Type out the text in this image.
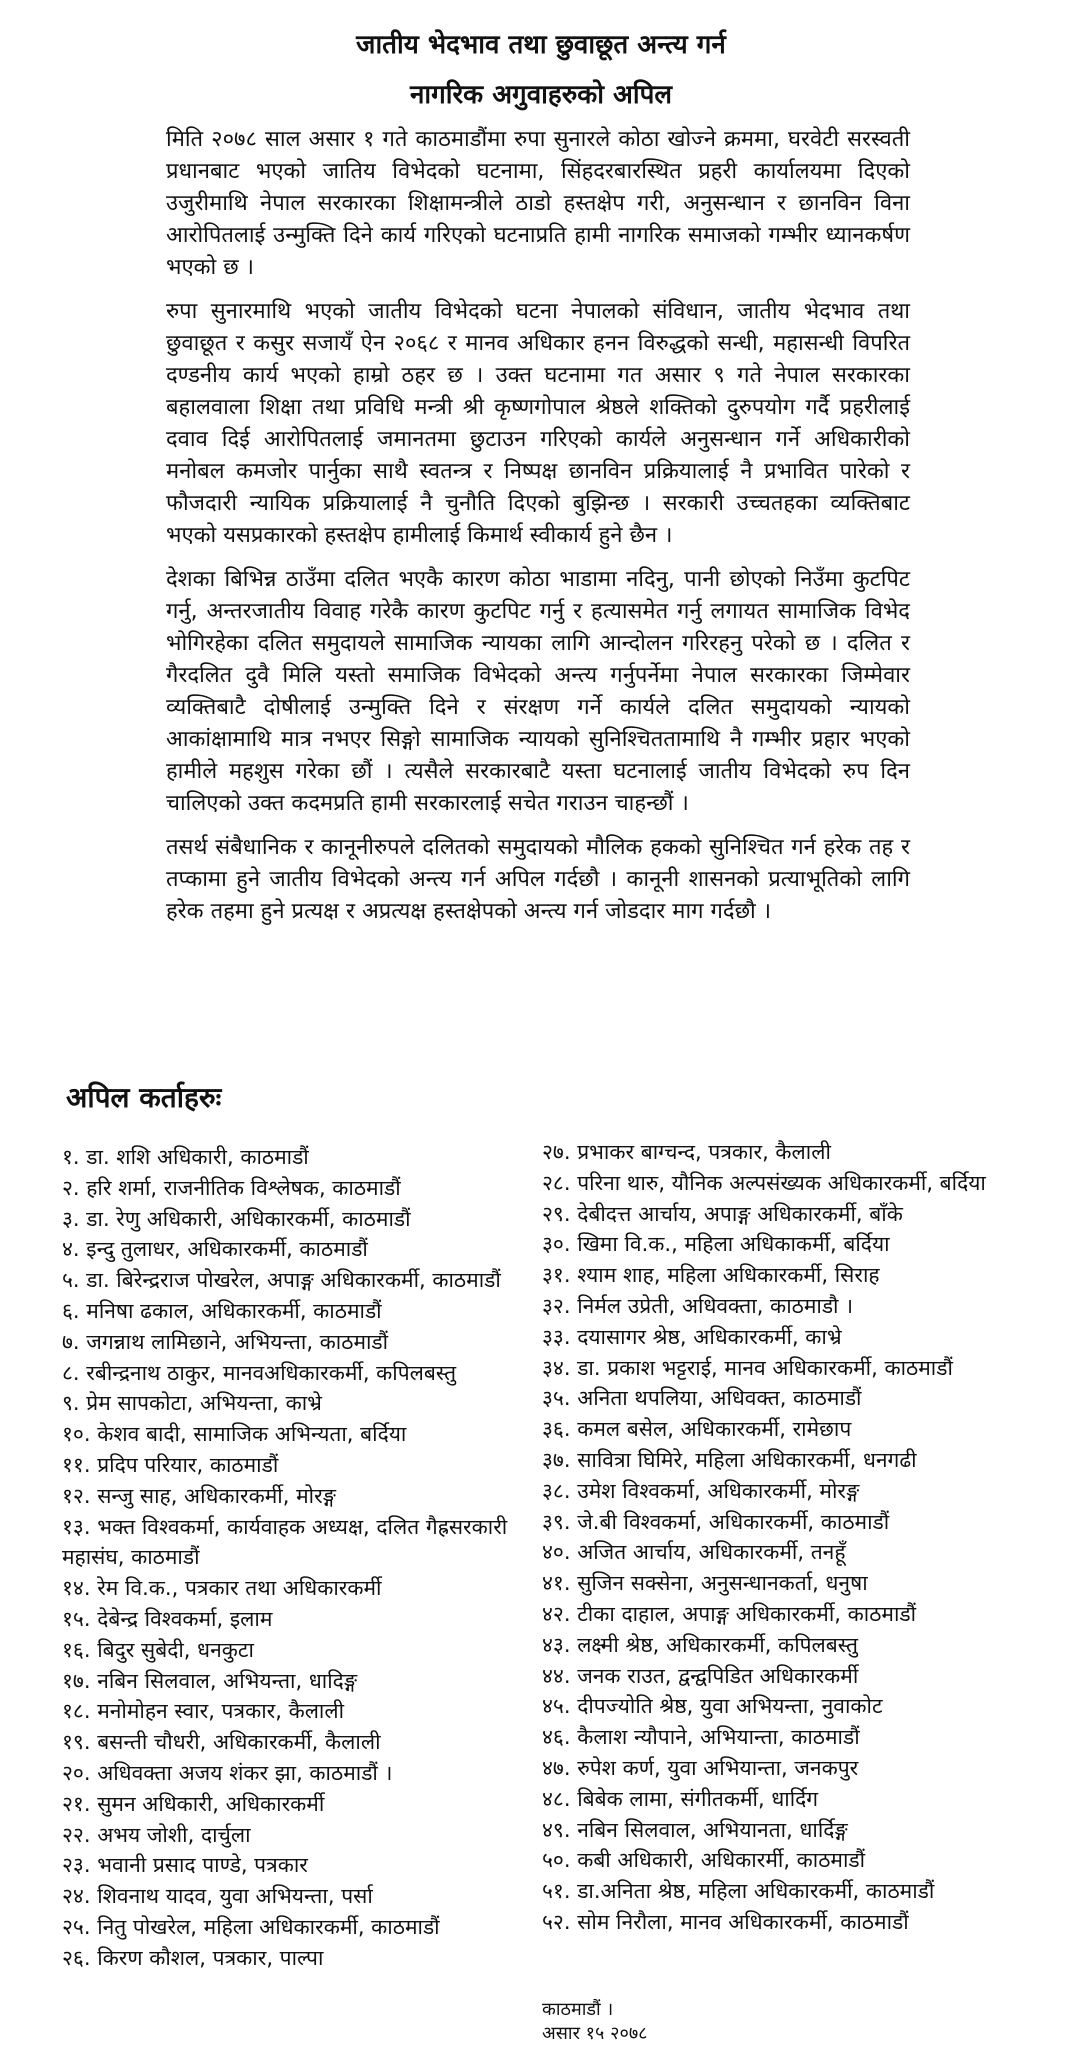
जातीय भेदभाव तथा छुवाछूत अन्त्य गर्न
नागरिक अगुवाहरुको अपिल

मिति २०७८ साल असार १ गते काठमाडौंमा रुपा सुनारले कोठा खोज्ने क्रममा, घरवेटी सरस्वती प्रधानबाट भएको जातिय विभेदको घटनामा, सिंहदरबारस्थित प्रहरी कार्यालयमा दिएको उजुरीमाथि नेपाल सरकारका शिक्षामन्त्रीले ठाडो हस्तक्षेप गरी, अनुसन्धान र छानविन विना आरोपितलाई उन्मुक्ति दिने कार्य गरिएको घटनाप्रति हामी नागरिक समाजको गम्भीर ध्यानकर्षण भएको छ ।

रुपा सुनारमाथि भएको जातीय विभेदको घटना नेपालको संविधान, जातीय भेदभाव तथा छुवाछूत र कसुर सजायँ ऐन २०६८ र मानव अधिकार हनन विरुद्धको सन्धी, महासन्धी विपरित दण्डनीय कार्य भएको हाम्रो ठहर छ । उक्त घटनामा गत असार ९ गते नेपाल सरकारका बहालवाला शिक्षा तथा प्रविधि मन्त्री श्री कृष्णगोपाल श्रेष्ठले शक्तिको दुरुपयोग गर्दै प्रहरीलाई दवाव दिई आरोपितलाई जमानतमा छुटाउन गरिएको कार्यले अनुसन्धान गर्ने अधिकारीको मनोबल कमजोर पार्नुका साथै स्वतन्त्र र निष्पक्ष छानविन प्रक्रियालाई नै प्रभावित पारेको र फौजदारी न्यायिक प्रक्रियालाई नै चुनौति दिएको बुझिन्छ । सरकारी उच्चतहका व्यक्तिबाट भएको यसप्रकारको हस्तक्षेप हामीलाई किमार्थ स्वीकार्य हुने छैन ।

देशका बिभिन्न ठाउँमा दलित भएकै कारण कोठा भाडामा नदिनु, पानी छोएको निउँमा कुटपिट गर्नु, अन्तरजातीय विवाह गरेकै कारण कुटपिट गर्नु र हत्यासमेत गर्नु लगायत सामाजिक विभेद भोगिरहेका दलित समुदायले सामाजिक न्यायका लागि आन्दोलन गरिरहनु परेको छ । दलित र गैरदलित दुवै मिलि यस्तो समाजिक विभेदको अन्त्य गर्नुपर्नेमा नेपाल सरकारका जिम्मेवार व्यक्तिबाटै दोषीलाई उन्मुक्ति दिने र संरक्षण गर्ने कार्यले दलित समुदायको न्यायको आकांक्षामाथि मात्र नभएर सिङ्गो सामाजिक न्यायको सुनिश्चिततामाथि नै गम्भीर प्रहार भएको हामीले महशुस गरेका छौं । त्यसैले सरकारबाटै यस्ता घटनालाई जातीय विभेदको रुप दिन चालिएको उक्त कदमप्रति हामी सरकारलाई सचेत गराउन चाहन्छौं ।

तसर्थ संबैधानिक र कानूनीरुपले दलितको समुदायको मौलिक हकको सुनिश्चित गर्न हरेक तह र तप्कामा हुने जातीय विभेदको अन्त्य गर्न अपिल गर्दछौ । कानूनी शासनको प्रत्याभूतिको लागि हरेक तहमा हुने प्रत्यक्ष र अप्रत्यक्ष हस्तक्षेपको अन्त्य गर्न जोडदार माग गर्दछौ ।

अपिल कर्ताहरुः
१. डा. शशि अधिकारी, काठमाडौं
२. हरि शर्मा, राजनीतिक विश्लेषक, काठमाडौं
३. डा. रेणु अधिकारी, अधिकारकर्मी, काठमाडौं
४. इन्दु तुलाधर, अधिकारकर्मी, काठमाडौं
५. डा. बिरेन्द्रराज पोखरेल, अपाङ्ग अधिकारकर्मी, काठमाडौं
६. मनिषा ढकाल, अधिकारकर्मी, काठमाडौं
७. जगन्नाथ लामिछाने, अभियन्ता, काठमाडौं
८. रबीन्द्रनाथ ठाकुर, मानवअधिकारकर्मी, कपिलबस्तु
९. प्रेम सापकोटा, अभियन्ता, काभ्रे
१०. केशव बादी, सामाजिक अभिन्यता, बर्दिया
११. प्रदिप परियार, काठमाडौं
१२. सन्जु साह, अधिकारकर्मी, मोरङ्ग
१३. भक्त विश्वकर्मा, कार्यवाहक अध्यक्ष, दलित गैह्रसरकारी महासंघ, काठमाडौं
१४. रेम वि.क., पत्रकार तथा अधिकारकर्मी
१५. देबेन्द्र विश्वकर्मा, इलाम
१६. बिदुर सुबेदी, धनकुटा
१७. नबिन सिलवाल, अभियन्ता, धादिङ्ग
१८. मनोमोहन स्वार, पत्रकार, कैलाली
१९. बसन्ती चौधरी, अधिकारकर्मी, कैलाली
२०. अधिवक्ता अजय शंकर झा, काठमाडौं ।
२१. सुमन अधिकारी, अधिकारकर्मी
२२. अभय जोशी, दार्चुला
२३. भवानी प्रसाद पाण्डे, पत्रकार
२४. शिवनाथ यादव, युवा अभियन्ता, पर्सा
२५. नितु पोखरेल, महिला अधिकारकर्मी, काठमाडौं
२६. किरण कौशल, पत्रकार, पाल्पा
२७. प्रभाकर बाग्चन्द, पत्रकार, कैलाली
२८. परिना थारु, यौनिक अल्पसंख्यक अधिकारकर्मी, बर्दिया
२९. देबीदत्त आर्चाय, अपाङ्ग अधिकारकर्मी, बाँके
३०. खिमा वि.क., महिला अधिकाकर्मी, बर्दिया
३१. श्याम शाह, महिला अधिकारकर्मी, सिराह
३२. निर्मल उप्रेती, अधिवक्ता, काठमाडौ ।
३३. दयासागर श्रेष्ठ, अधिकारकर्मी, काभ्रे
३४. डा. प्रकाश भट्टराई, मानव अधिकारकर्मी, काठमाडौं
३५. अनिता थपलिया, अधिवक्त, काठमाडौं
३६. कमल बसेल, अधिकारकर्मी, रामेछाप
३७. सावित्रा घिमिरे, महिला अधिकारकर्मी, धनगढी
३८. उमेश विश्वकर्मा, अधिकारकर्मी, मोरङ्ग
३९. जे.बी विश्वकर्मा, अधिकारकर्मी, काठमाडौं
४०. अजित आर्चाय, अधिकारकर्मी, तनहूँ
४१. सुजिन सक्सेना, अनुसन्धानकर्ता, धनुषा
४२. टीका दाहाल, अपाङ्ग अधिकारकर्मी, काठमाडौं
४३. लक्ष्मी श्रेष्ठ, अधिकारकर्मी, कपिलबस्तु
४४. जनक राउत, द्वन्द्वपिडित अधिकारकर्मी
४५. दीपज्योति श्रेष्ठ, युवा अभियन्ता, नुवाकोट
४६. कैलाश न्यौपाने, अभियान्ता, काठमाडौं
४७. रुपेश कर्ण, युवा अभियान्ता, जनकपुर
४८. बिबेक लामा, संगीतकर्मी, धार्दिग
४९. नबिन सिलवाल, अभियानता, धार्दिङ्ग
५०. कबी अधिकारी, अधिकारर्मी, काठमाडौं
५१. डा.अनिता श्रेष्ठ, महिला अधिकारकर्मी, काठमाडौं
५२. सोम निरौला, मानव अधिकारकर्मी, काठमाडौं
काठमाडौं ।
असार १५ २०७८
